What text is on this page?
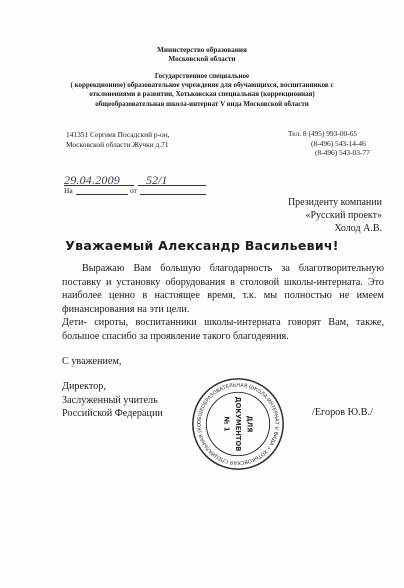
Министерство образования
Московской области
Государственное специальное
( коррекционное) образовательное учреждение для обучающихся, воспитанников с
отклонениями в развитии, Хотьковская специальная (коррекционная)
общеобразовательная школа-интернат V вида Московской области
141351 Сергиев Посадский р-он,
Московской области Жучки д.71
Тел. 8 (495) 993-00-65
(8-496) 543-14-46
(8-496) 543-03-77
29.04.2009 52/1
На	от
Президенту компании
«Русский проект»
Холод А.В.
Уважаемый Александр Васильевич!

Выражаю Вам большую благодарность за благотворительную поставку и установку оборудования в столовой школы-интерната. Это наиболее ценно в настоящее время, т.к. мы полностью не имеем финансирования на эти цели.

Дети- сироты, воспитанники школы-интерната говорят Вам, также, большое спасибо за проявление такого благодеяния.

С уважением,
Директор,
Заслуженный учитель
Российской Федерации	/Егоров Ю.В./
ОБЩЕОБРАЗОВАТЕЛЬНАЯ ШКОЛА-ИНТЕРНАТ V ВИДА • ХОТЬКОВСКАЯ СПЕЦИАЛЬНАЯ (КО	ДЛЯ
ДОКУМЕНТОВ
№ 1
